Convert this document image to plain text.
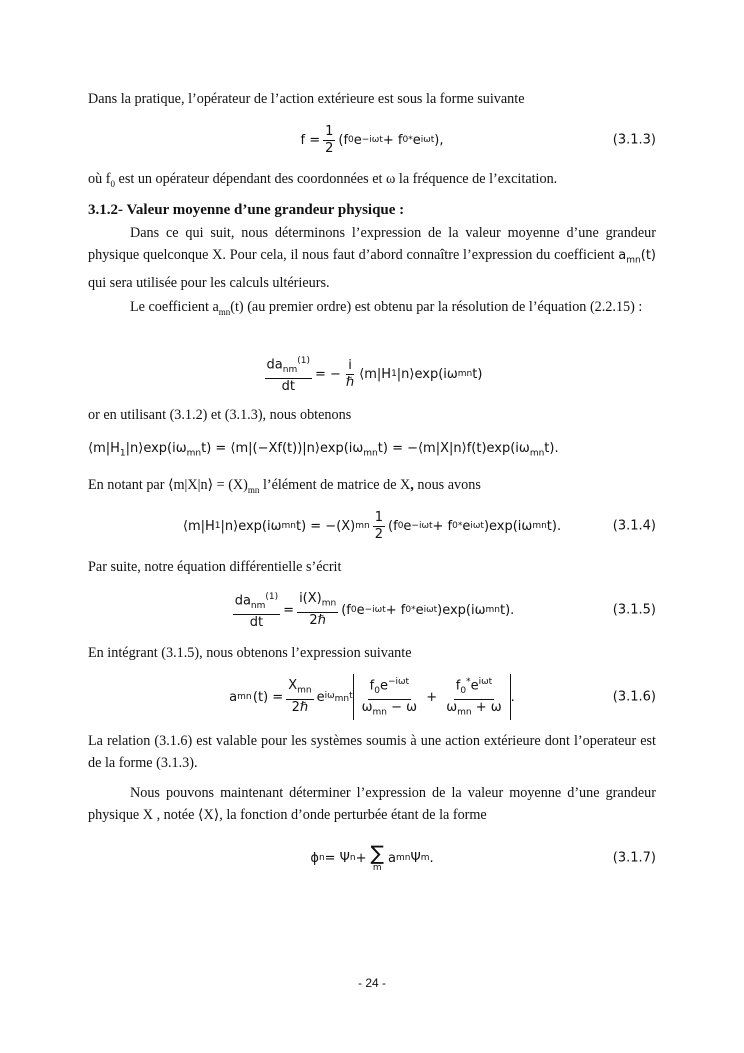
Dans la pratique, l’opérateur de l’action extérieure est sous la forme suivante
$f = \frac{1}{2} (f$ 0 e −iωt + f 0 * e iωt ),	(3.1.3)
où $f_0$ est un opérateur dépendant des coordonnées et ω la fréquence de l’excitation.
3.1.2- Valeur moyenne d’une grandeur physique :
Dans ce qui suit, nous déterminons l’expression de la valeur moyenne d’une grandeur physique quelconque X. Pour cela, il nous faut d’abord connaître l’expression du coefficient $a_{mn}(t)$ qui sera utilisée pour les calculs ultérieurs.
Le coefficient $a_{mn}(t)$ (au premier ordre) est obtenu par la résolution de l’équation (2.2.15) :
$\frac{da_{nm}^{(1)}}{dt}$ = − $\frac{i}{\text{ℏ}}$ ⟨m|H 1 |n⟩exp(iω mn t)
or en utilisant (3.1.2) et (3.1.3), nous obtenons
$⟨m|H_1|n⟩\exp(i\omega_{mn}t)$ = $⟨m|(-Xf(t))|n⟩\exp(i\omega_{mn}t)$ = $-⟨m|X|n⟩f(t)\exp(i\omega_{mn}t)$.
En notant par ⟨m|X|n⟩ = $(X)_{mn}$ l’élément de matrice de X, nous avons
⟨m|H 1 |n⟩exp(iω mn t) = −(X) mn $\frac{1}{2} (f$ 0 e −iωt + f 0 * e iωt )exp(iω mn t).	(3.1.4)
Par suite, notre équation différentielle s’écrit
$\frac{da_{nm}^{(1)}}{dt} = \frac{i(X)_{mn}}{\text{2ℏ}} (f$ 0 e −iωt + f 0 * e iωt )exp(iω mn t).	(3.1.5)
En intégrant (3.1.5), nous obtenons l’expression suivante
a mn
  $(t) = \frac{X_{mn}}{\text{2ℏ}}$ e $i\omega_{mn}t \frac{f_0e^{-i\omega t}}{\omega_{mn} - \omega} + \frac{f_0^*e^{i\omega t}}{\omega_{mn} + \omega}$ .	(3.1.6)
La relation (3.1.6) est valable pour les systèmes soumis à une action extérieure dont l’operateur est de la forme (3.1.3).
Nous pouvons maintenant déterminer l’expression de la valeur moyenne d’une grandeur physique X , notée ⟨X⟩, la fonction d’onde perturbée étant de la forme
ϕ n = Ψ n + ∑
m
a mn Ψ m .	(3.1.7)
- 24 -
